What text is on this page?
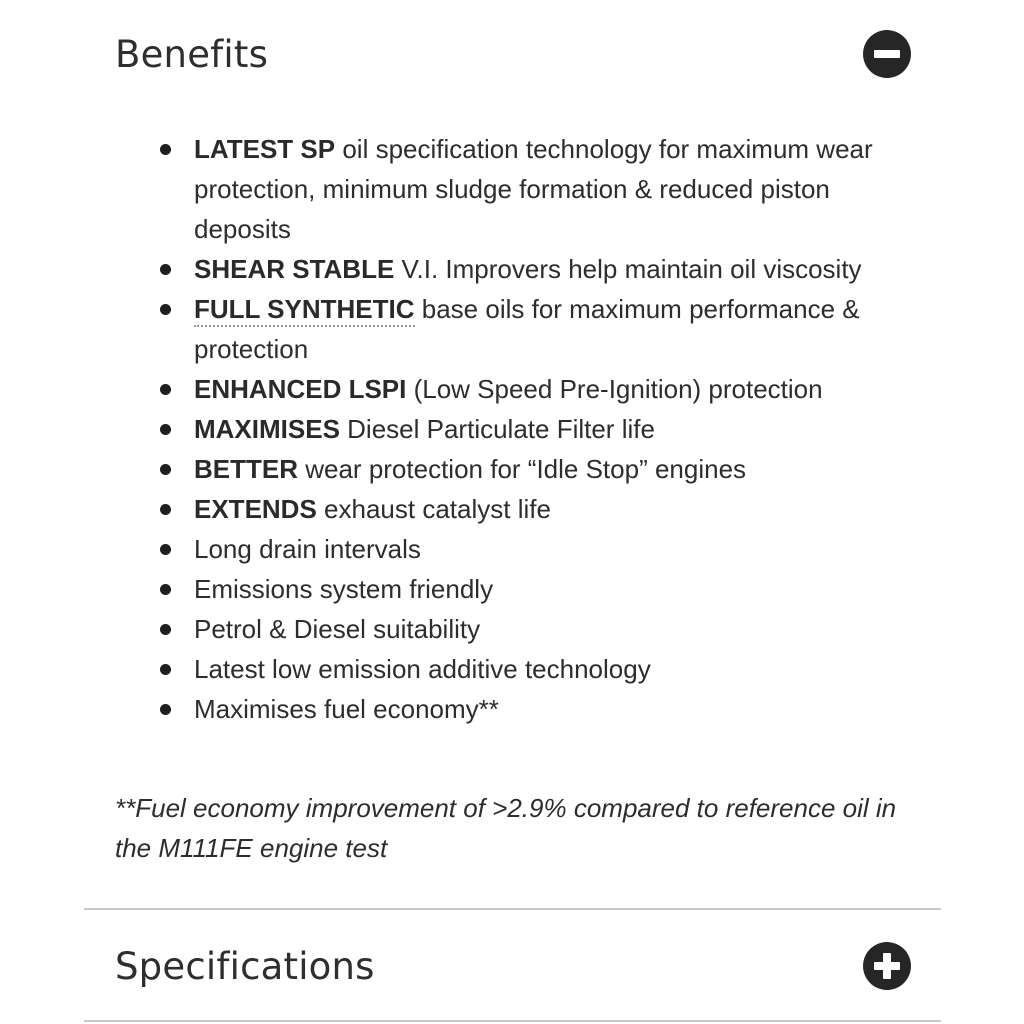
Benefits
LATEST SP oil specification technology for maximum wear protection, minimum sludge formation & reduced piston deposits
SHEAR STABLE V.I. Improvers help maintain oil viscosity
FULL SYNTHETIC base oils for maximum performance & protection
ENHANCED LSPI (Low Speed Pre-Ignition) protection
MAXIMISES Diesel Particulate Filter life
BETTER wear protection for “Idle Stop” engines
EXTENDS exhaust catalyst life
Long drain intervals
Emissions system friendly
Petrol & Diesel suitability
Latest low emission additive technology
Maximises fuel economy**

**Fuel economy improvement of >2.9% compared to reference oil in the M111FE engine test

Specifications
